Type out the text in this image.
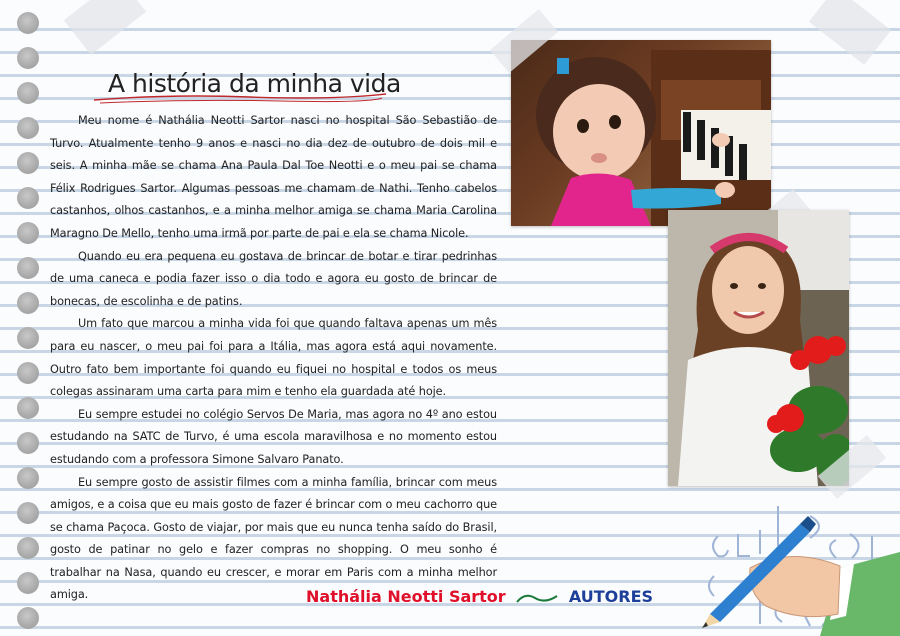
A história da minha vida

Meu nome é Nathália Neotti Sartor nasci no hospital São Sebastião de Turvo. Atualmente tenho 9 anos e nasci no dia dez de outubro de dois mil e seis. A minha mãe se chama Ana Paula Dal Toe Neotti e o meu pai se chama Félix Rodrigues Sartor. Algumas pessoas me chamam de Nathi. Tenho cabelos castanhos, olhos castanhos, e a minha melhor amiga se chama Maria Carolina Maragno De Mello, tenho uma irmã por parte de pai e ela se chama Nicole.

Quando eu era pequena eu gostava de brincar de botar e tirar pedrinhas de uma caneca e podia fazer isso o dia todo e agora eu gosto de brincar de bonecas, de escolinha e de patins.

Um fato que marcou a minha vida foi que quando faltava apenas um mês para eu nascer, o meu pai foi para a Itália, mas agora está aqui novamente. Outro fato bem importante foi quando eu fiquei no hospital e todos os meus colegas assinaram uma carta para mim e tenho ela guardada até hoje.

Eu sempre estudei no colégio Servos De Maria, mas agora no 4º ano estou estudando na SATC de Turvo, é uma escola maravilhosa e no momento estou estudando com a professora Simone Salvaro Panato.

Eu sempre gosto de assistir filmes com a minha família, brincar com meus amigos, e a coisa que eu mais gosto de fazer é brincar com o meu cachorro que se chama Paçoca. Gosto de viajar, por mais que eu nunca tenha saído do Brasil, gosto de patinar no gelo e fazer compras no shopping. O meu sonho é trabalhar na Nasa, quando eu crescer, e morar em Paris com a minha melhor amiga.	Nathália Neotti Sartor	AUTORES
